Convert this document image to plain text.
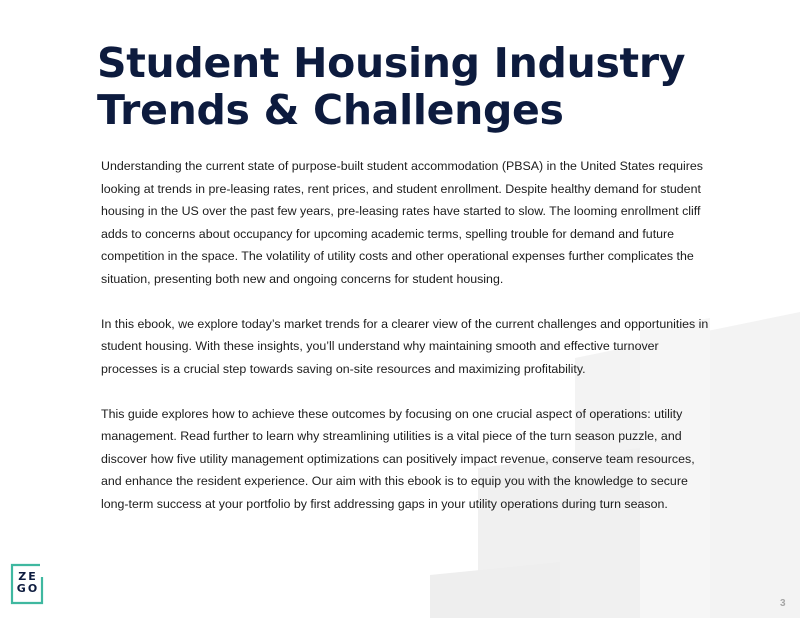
Student Housing Industry
Trends & Challenges

Understanding the current state of purpose-built student accommodation (PBSA) in the United States requires looking at trends in pre-leasing rates, rent prices, and student enrollment. Despite healthy demand for student housing in the US over the past few years, pre-leasing rates have started to slow. The looming enrollment cliff adds to concerns about occupancy for upcoming academic terms, spelling trouble for demand and future competition in the space. The volatility of utility costs and other operational expenses further complicates the situation, presenting both new and ongoing concerns for student housing.

In this ebook, we explore today’s market trends for a clearer view of the current challenges and opportunities in student housing. With these insights, you’ll understand why maintaining smooth and effective turnover processes is a crucial step towards saving on-site resources and maximizing profitability.

This guide explores how to achieve these outcomes by focusing on one crucial aspect of operations: utility management. Read further to learn why streamlining utilities is a vital piece of the turn season puzzle, and discover how five utility management optimizations can positively impact revenue, conserve team resources, and enhance the resident experience. Our aim with this ebook is to equip you with the knowledge to secure long-term success at your portfolio by first addressing gaps in your utility operations during turn season.

ZE
GO
3
